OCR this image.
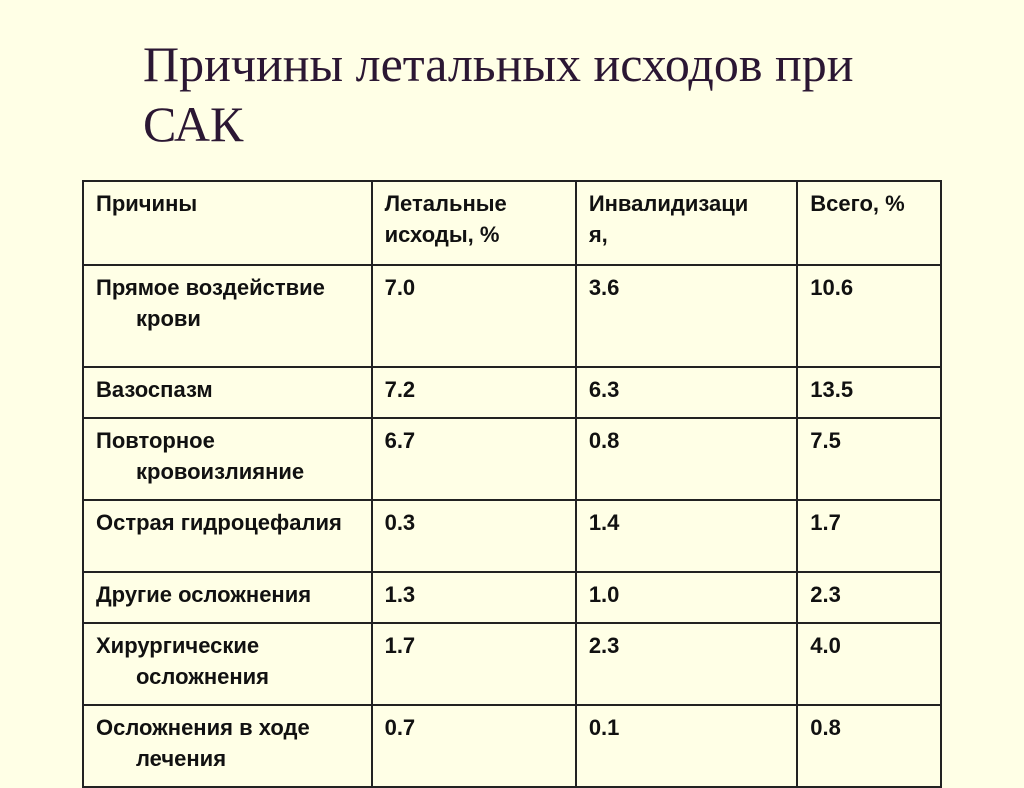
Причины летальных исходов при САК
Причины	Летальные исходы, %	Инвалидизация,	Всего, %

Прямое воздействие крови	7.0	3.6	10.6

Вазоспазм	7.2	6.3	13.5

Повторное кровоизлияние	6.7	0.8	7.5

Острая гидроцефалия	0.3	1.4	1.7

Другие осложнения	1.3	1.0	2.3

Хирургические осложнения	1.7	2.3	4.0

Осложнения в ходе лечения	0.7	0.1	0.8
